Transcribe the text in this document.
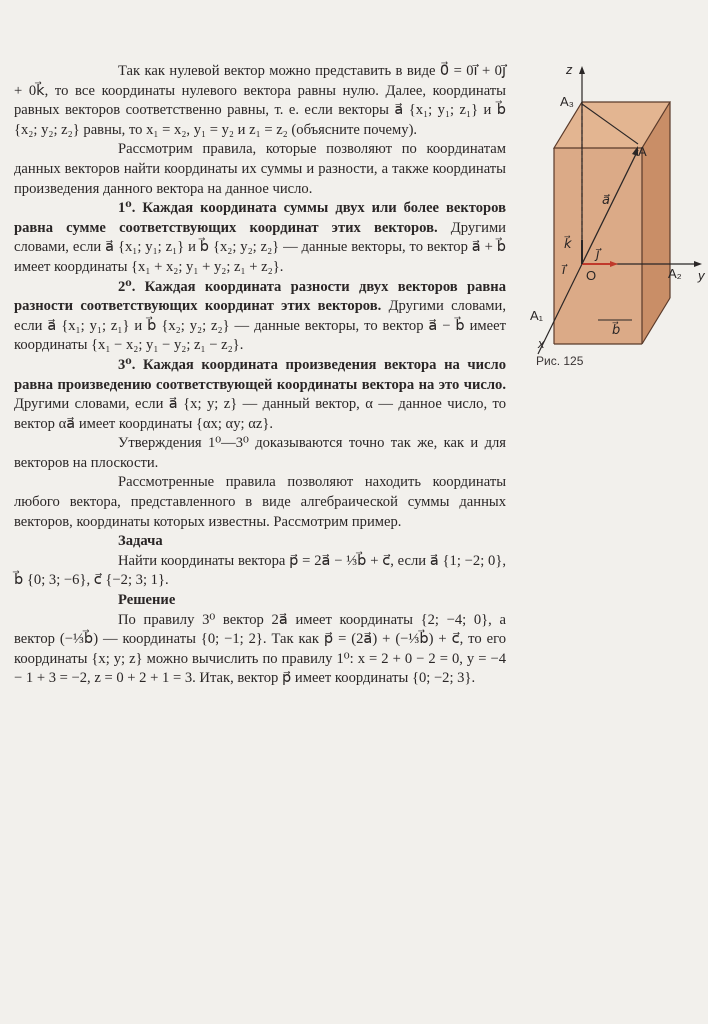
Так как нулевой вектор можно представить в виде 0⃗ = 0i⃗ + 0j⃗ + 0k⃗, то все координаты нулевого вектора равны нулю. Далее, координаты равных векторов соответственно равны, т. е. если векторы a⃗ {x₁; y₁; z₁} и b⃗ {x₂; y₂; z₂} равны, то x₁ = x₂, y₁ = y₂ и z₁ = z₂ (объясните почему).

Рассмотрим правила, которые позволяют по координатам данных векторов найти координаты их суммы и разности, а также координаты произведения данного вектора на данное число.

1⁰. Каждая координата суммы двух или более векторов равна сумме соответствующих координат этих векторов. Другими словами, если a⃗ {x₁; y₁; z₁} и b⃗ {x₂; y₂; z₂} — данные векторы, то вектор a⃗ + b⃗ имеет координаты {x₁ + x₂; y₁ + y₂; z₁ + z₂}.

2⁰. Каждая координата разности двух векторов равна разности соответствующих координат этих векторов. Другими словами, если a⃗ {x₁; y₁; z₁} и b⃗ {x₂; y₂; z₂} — данные векторы, то вектор a⃗ − b⃗ имеет координаты {x₁ − x₂; y₁ − y₂; z₁ − z₂}.

3⁰. Каждая координата произведения вектора на число равна произведению соответствующей координаты вектора на это число. Другими словами, если a⃗ {x; y; z} — данный вектор, α — данное число, то вектор αa⃗ имеет координаты {αx; αy; αz}.

Утверждения 1⁰—3⁰ доказываются точно так же, как и для векторов на плоскости.

Рассмотренные правила позволяют находить координаты любого вектора, представленного в виде алгебраической суммы данных векторов, координаты которых известны. Рассмотрим пример.

Задача

Найти координаты вектора p⃗ = 2a⃗ − ⅓b⃗ + c⃗, если a⃗ {1; −2; 0}, b⃗ {0; 3; −6}, c⃗ {−2; 3; 1}.

Решение

По правилу 3⁰ вектор 2a⃗ имеет координаты {2; −4; 0}, а вектор (−⅓b⃗) — координаты {0; −1; 2}. Так как p⃗ = (2a⃗) + (−⅓b⃗) + c⃗, то его координаты {x; y; z} можно вычислить по правилу 1⁰: x = 2 + 0 − 2 = 0, y = −4 − 1 + 3 = −2, z = 0 + 2 + 1 = 3. Итак, вектор p⃗ имеет координаты {0; −2; 3}.

z
y
x
A₃
A
A₂
A₁
O
a⃗
b⃗
k⃗
j⃗
i⃗
Рис. 125
